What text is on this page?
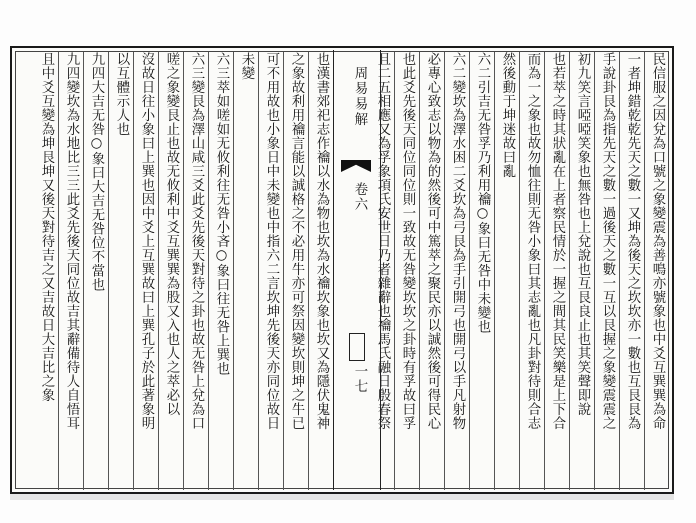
民信服之因兌為口號之象變震為善鳴亦號象也中爻互巽巽為命
一者坤錯乾乾先天之數一又坤為後天之坎坎亦一數也互艮艮為
手說卦艮為指先天之數一過後天之數一互以艮握之象變震震之
初九笑言啞啞笑象也無咎也上兌說也互艮良止也其笑聲即說
也若萃之時其狀亂在上者察民情於一握之間其民笑樂是上下合
而為一之象也故勿恤往則无咎小象曰其志亂也凡卦對待則合志
然後動于坤迷故曰亂
六二引吉无咎孚乃利用禴○象曰无咎中未變也
六二變坎為澤水困二爻坎為弓艮為手引開弓也開弓以手凡射物
必專心致志以物為的然後可中篤萃之聚民亦以誠然後可得民心
也此爻先後天同位同位則一致故无咎變坎坎之卦時有孚故曰孚
且二五相應又為孚象項氏安世日乃者雜辭也禴馬氏融日殷春祭
周易易解
卷六
一七
也漢書郊祀志作禴以水為物也坎為水禴坎象也坎又為隱伏鬼神
之象故利用禴言能以誠格之不必用牛亦可祭因變坎則坤之牛已
可不用故也小象日中未變也中指六二言坎坤先後天亦同位故日
未變
六三萃如嗟如无攸利往无咎小吝○象曰往无咎上巽也
六三變艮為澤山咸三爻此爻先後天對待之卦也故无咎上兌為口
嗟之象變艮止也故无攸利中爻互巽巽為股又入也人之萃必以
沒故日往小象曰上巽也因中爻上互巽故曰上巽孔子於此著象明
以互體示人也
九四大吉无咎○象曰大吉无咎位不當也
九四變坎為水地比三三此爻先後天同位故吉其辭備待人自悟耳
且中爻互變為坤艮坤又後天對待吉之又吉故日大吉比之象
